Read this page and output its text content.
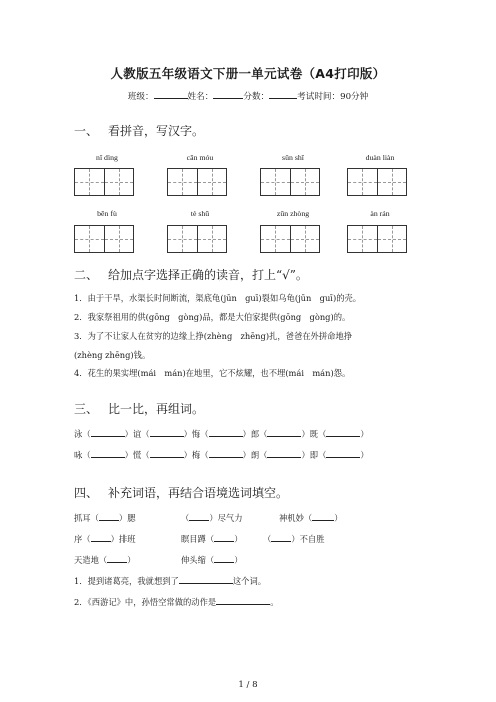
人教版五年级语文下册一单元试卷（A4打印版）
班级：	姓名：	分数：	考试时间：90分钟
一、 看拼音，写汉字。
nǐ dìng	cān móu	sǔn shī	duàn liàn
bēn fù	tè shū	zūn zhòng	àn rán
二、 给加点字选择正确的读音，打上“√”。
1．由于干旱，水渠长时间断流，渠底龟(jūn　guī)裂如乌龟(jūn　guī)的壳。
2．我家祭祖用的供(gōng　gòng)品，都是大伯家提供(gōng　gòng)的。
3．为了不让家人在贫穷的边缘上挣(zhèng　zhēng)扎，爸爸在外拼命地挣
(zhèng zhēng)钱。
4．花生的果实埋(mái　mán)在地里，它不炫耀，也不埋(mái　mán)怨。
三、 比一比，再组词。
泳（	）谊（	）悔（	）郎（	）既（	）
咏（	）慌（	）梅（	）朗（	）即（	）
四、 补充词语，再结合语境选词填空。
抓耳（ ）腮	（ ）尽气力	神机妙（	）
序（ ）排班	瞑目蹲（ ） （ ）不自胜
天造地（ ）	伸头缩（ ）
1．提到诸葛亮，我就想到了	这个词。
2．《西游记》中，孙悟空常做的动作是	。
1 / 8
